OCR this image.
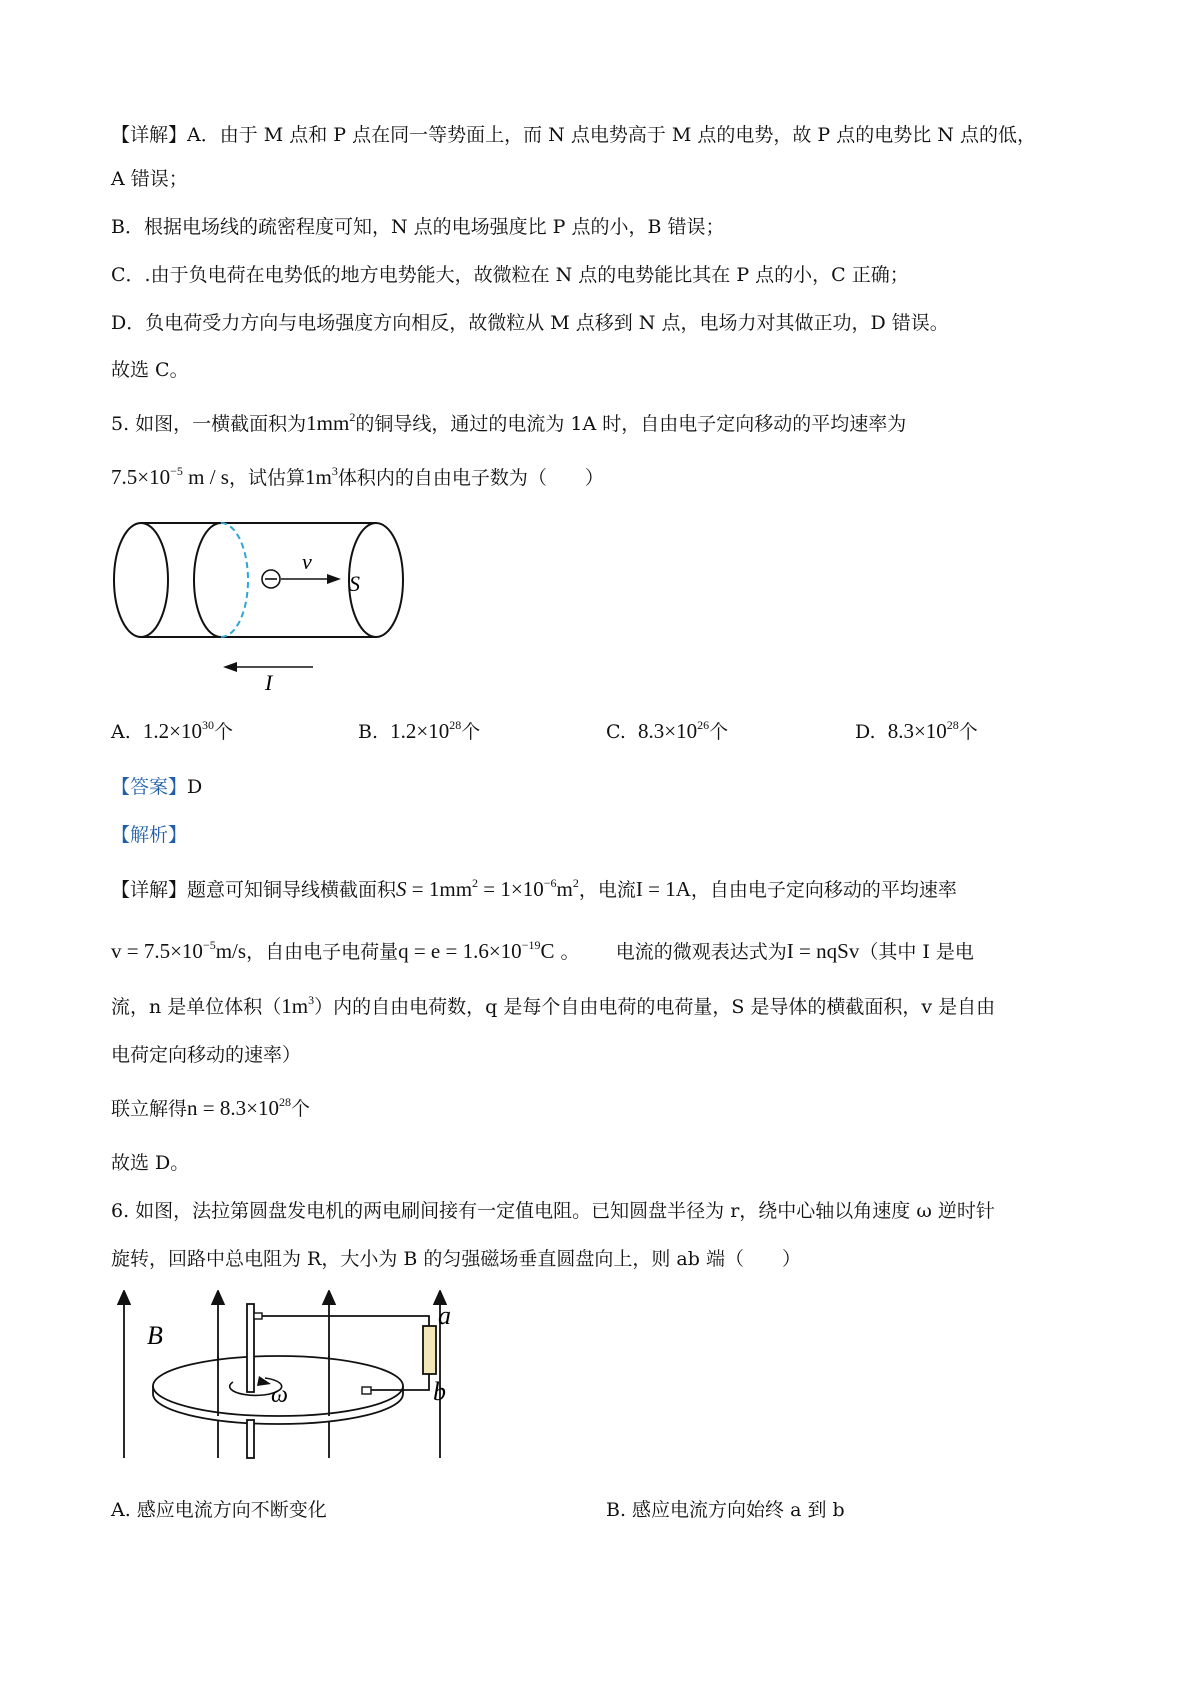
【详解】A．由于 M 点和 P 点在同一等势面上，而 N 点电势高于 M 点的电势，故 P 点的电势比 N 点的低，
A 错误；
B．根据电场线的疏密程度可知，N 点的电场强度比 P 点的小，B 错误；
C．.由于负电荷在电势低的地方电势能大，故微粒在 N 点的电势能比其在 P 点的小，C 正确；
D．负电荷受力方向与电场强度方向相反，故微粒从 M 点移到 N 点，电场力对其做正功，D 错误。
故选 C。
5. 如图，一横截面积为$1mm^2$的铜导线，通过的电流为 1A 时，自由电子定向移动的平均速率为
$7.5\times 10^{-5}$ m / s，试估算$1m^3$体积内的自由电子数为（　　）
v
S
I
A. $1.2\times 10^{30}$个	B. $1.2\times 10^{28}$个	C. $8.3\times 10^{26}$个	D. $8.3\times 10^{28}$个
【答案】D
【解析】
【详解】题意可知铜导线横截面积$S = 1mm^2 = 1\times 10^{-6}m^2$，电流I = 1A，自由电子定向移动的平均速率
$v = 7.5\times 10^{-5}m/s$，自由电子电荷量$q = e = 1.6\times 10^{-19}C$ 。 电流的微观表达式为I = nqSv（其中 I 是电
流，n 是单位体积$(1m^3)$内的自由电荷数，q 是每个自由电荷的电荷量，S 是导体的横截面积，v 是自由
电荷定向移动的速率）
联立解得$n = 8.3\times 10^{28}$个
故选 D。
6. 如图，法拉第圆盘发电机的两电刷间接有一定值电阻。已知圆盘半径为 r，绕中心轴以角速度 ω 逆时针
旋转，回路中总电阻为 R，大小为 B 的匀强磁场垂直圆盘向上，则 ab 端（　　）
B
ω
a
b
A. 感应电流方向不断变化	B. 感应电流方向始终 a 到 b
